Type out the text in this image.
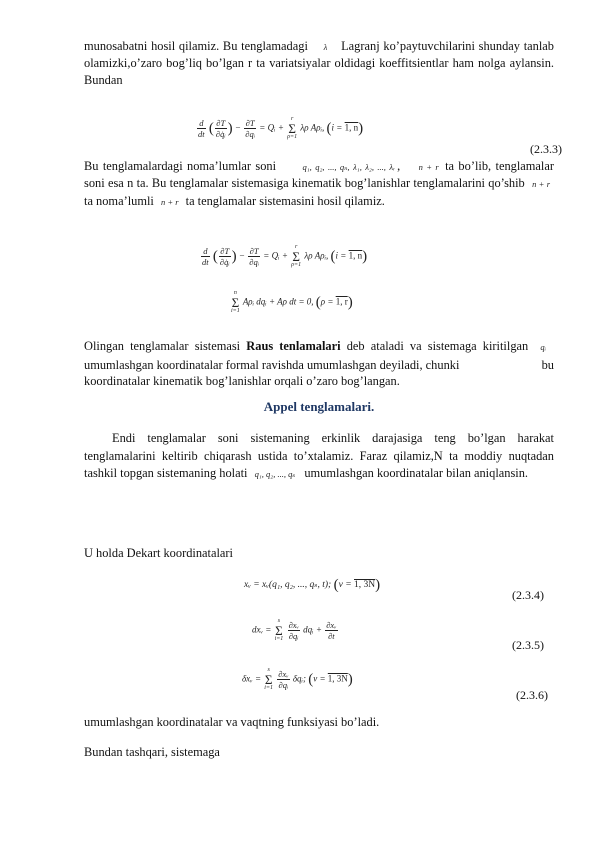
munosabatni hosil qilamiz. Bu tenglamadagi λ Lagranj ko’paytuvchilarini shunday tanlab olamizki,o’zaro bog’liq bo’lgan r ta variatsiyalar oldidagi koeffitsientlar ham nolga aylansin. Bundan
$\frac{d}{dt}$ ( $\frac{\partial T}{\text{∂q̇ᵢ}}$ ) − $\frac{\partial T}{\text{∂qᵢ}}$ = Qᵢ +
r
Σ
ρ=1
λρ Aρᵢ, (i = 1, n)
(2.3.3)
Bu tenglamalardagi noma’lumlar soni	q₁, q₂, ..., qₙ, λ₁, λ₂, ..., λᵣ , n + r ta bo’lib, tenglamalar soni esa n ta. Bu tenglamalar sistemasiga kinematik bog’lanishlar tenglamalarini qo’shib n + r ta noma’lumli n + r ta tenglamalar sistemasini hosil qilamiz.
$\frac{d}{dt}$ ( $\frac{\partial T}{\text{∂q̇ᵢ}}$ ) − $\frac{\partial T}{\text{∂qᵢ}}$ = Qᵢ +
r
Σ
ρ=1
λρ Aρᵢ, (i = 1, n)
n
Σ
i=1
Aρᵢ dqᵢ + Aρ dt = 0, (ρ = 1, r)
Olingan tenglamalar sistemasi Raus tenlamalari deb ataladi va sistemaga kiritilgan qᵢ umumlashgan koordinatalar formal ravishda umumlashgan deyiladi, chunki	bu
koordinatalar kinematik bog’lanishlar orqali o’zaro bog’langan.
Appel tenglamalari.
Endi tenglamalar soni sistemaning erkinlik darajasiga teng bo’lgan harakat tenglamalarini keltirib chiqarash ustida to’xtalamiz. Faraz qilamiz,N ta moddiy nuqtadan tashkil topgan sistemaning holati q₁, q₂, ..., qₛ umumlashgan koordinatalar bilan aniqlansin.
U holda Dekart koordinatalari
xᵥ = xᵥ(q₁, q₂, ..., qₛ, t); (ν = 1, 3N)
(2.3.4)
dxᵥ =
s
Σ
i=1
$\frac{\text{∂xᵥ}}{\text{∂qᵢ}}$ dqᵢ + $\frac{\text{∂xᵥ}}{\partial t}$
(2.3.5)
δxᵥ =
s
Σ
i=1
$\frac{\text{∂xᵥ}}{\text{∂qᵢ}}$ δqᵢ; (ν = 1, 3N)
(2.3.6)
umumlashgan koordinatalar va vaqtning funksiyasi bo’ladi.
Bundan tashqari, sistemaga
